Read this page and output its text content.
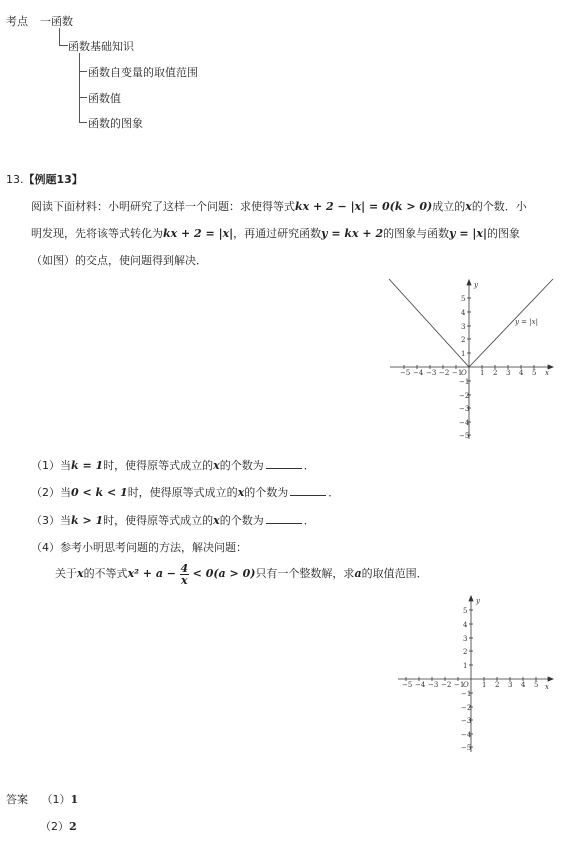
考点 一函数
函数基础知识
函数自变量的取值范围
函数值
函数的图象
13.【例题13】
阅读下面材料：小明研究了这样一个问题：求使得等式kx + 2 − |x| = 0(k > 0)成立的x的个数．小
明发现，先将该等式转化为kx + 2 = |x|，再通过研究函数y = kx + 2的图象与函数y = |x|的图象
（如图）的交点，使问题得到解决．
−5 −4 −3 −2 −1	1 2 3 4 5
5
4
3
2
1
−1
−2
−3
−4
−5
O	x
y
y = |x|
（1）当k = 1时，使得原等式成立的x的个数为	．
（2）当0 < k < 1时，使得原等式成立的x的个数为	．
（3）当k > 1时，使得原等式成立的x的个数为	．
（4）参考小明思考问题的方法，解决问题：
关于x的不等式$x^2 + a - \frac{4}{x} < 0(a > 0)$只有一个整数解，求a的取值范围．
−5 −4 −3 −2 −1	1 2 3 4 5
5
4
3
2
1
−1
−2
−3
−4
−5
O	x
y
答案 （1）1
（2）2
